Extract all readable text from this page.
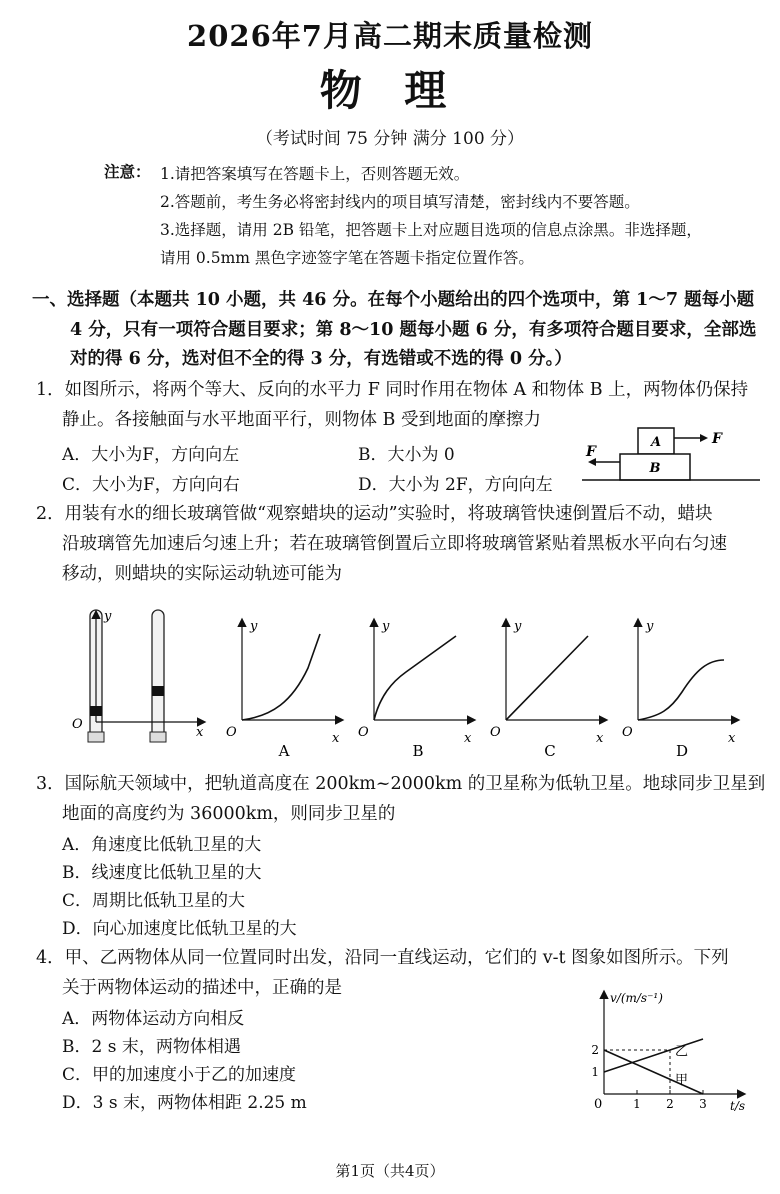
2026年7月高二期末质量检测
物 理
（考试时间 75 分钟 满分 100 分）
注意： 1.请把答案填写在答题卡上，否则答题无效。
2.答题前，考生务必将密封线内的项目填写清楚，密封线内不要答题。
3.选择题，请用 2B 铅笔，把答题卡上对应题目选项的信息点涂黑。非选择题，
请用 0.5mm 黑色字迹签字笔在答题卡指定位置作答。
一、选择题（本题共 10 小题，共 46 分。在每个小题给出的四个选项中，第 1～7 题每小题
4 分，只有一项符合题目要求；第 8～10 题每小题 6 分，有多项符合题目要求，全部选
对的得 6 分，选对但不全的得 3 分，有选错或不选的得 0 分。）
1．如图所示，将两个等大、反向的水平力 F 同时作用在物体 A 和物体 B 上，两物体仍保持
静止。各接触面与水平地面平行，则物体 B 受到地面的摩擦力
A．大小为F，方向向左	B．大小为 0
C．大小为F，方向向右	D．大小为 2F，方向向左
A
B
F
F
2．用装有水的细长玻璃管做“观察蜡块的运动”实验时，将玻璃管快速倒置后不动，蜡块
沿玻璃管先加速后匀速上升；若在玻璃管倒置后立即将玻璃管紧贴着黑板水平向右匀速
移动，则蜡块的实际运动轨迹可能为
y
x
O
y
x
O
A
y
x
O
B
y
x
O
C
y
x
O
D
3．国际航天领域中，把轨道高度在 200km~2000km 的卫星称为低轨卫星。地球同步卫星到
地面的高度约为 36000km，则同步卫星的
A．角速度比低轨卫星的大
B．线速度比低轨卫星的大
C．周期比低轨卫星的大
D．向心加速度比低轨卫星的大
4．甲、乙两物体从同一位置同时出发，沿同一直线运动，它们的 v-t 图象如图所示。下列
关于两物体运动的描述中，正确的是
A．两物体运动方向相反
B．2 s 末，两物体相遇
C．甲的加速度小于乙的加速度
D．3 s 末，两物体相距 2.25 m
v/(m/s⁻¹)
t/s
0	1 2 3
1
2	乙
甲
第1页（共4页）
